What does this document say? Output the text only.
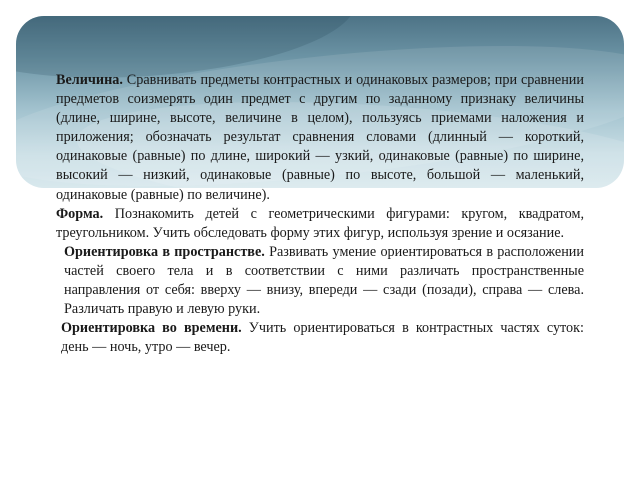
Величина. Сравнивать предметы контрастных и одинаковых размеров; при сравнении предметов соизмерять один предмет с другим по заданному признаку величины (длине, ширине, высоте, величине в целом), пользуясь приемами наложения и приложения; обозначать результат сравнения словами (длинный — короткий, одинаковые (равные) по длине, широкий — узкий, одинаковые (равные) по ширине, высокий — низкий, одинаковые (равные) по высоте, большой — маленький, одинаковые (равные) по величине).

Форма. Познакомить детей с геометрическими фигурами: кругом, квадратом, треугольником. Учить обследовать форму этих фигур, используя зрение и осязание.

Ориентировка в пространстве. Развивать умение ориентироваться в расположении частей своего тела и в соответствии с ними различать пространственные направления от себя: вверху — внизу, впереди — сзади (позади), справа — слева. Различать правую и левую руки.

Ориентировка во времени. Учить ориентироваться в контрастных частях суток: день — ночь, утро — вечер.
